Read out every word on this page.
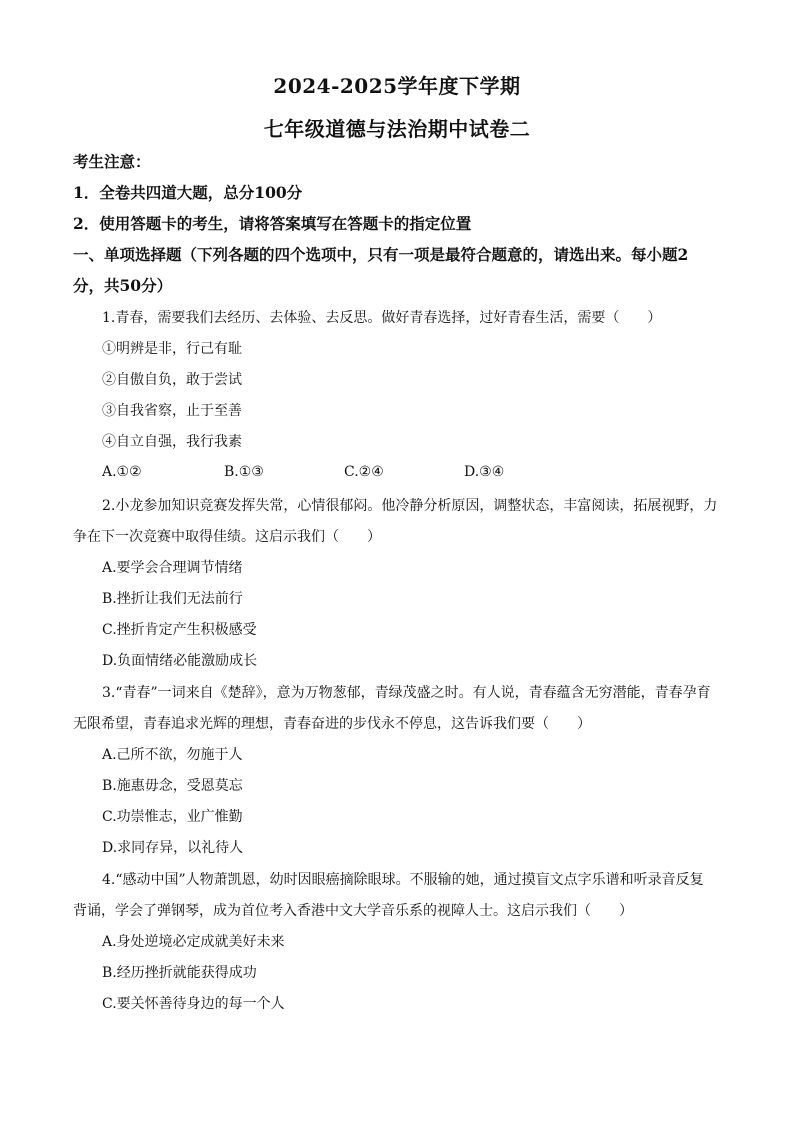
2024-2025学年度下学期
七年级道德与法治期中试卷二
考生注意：
1．全卷共四道大题，总分100分
2．使用答题卡的考生，请将答案填写在答题卡的指定位置
一、单项选择题（下列各题的四个选项中，只有一项是最符合题意的，请选出来。每小题2
分，共50分）
1.青春，需要我们去经历、去体验、去反思。做好青春选择，过好青春生活，需要（　　）
①明辨是非，行己有耻
②自傲自负，敢于尝试
③自我省察，止于至善
④自立自强，我行我素
A.①②	B.①③	C.②④	D.③④
2.小龙参加知识竞赛发挥失常，心情很郁闷。他冷静分析原因，调整状态，丰富阅读，拓展视野，力
争在下一次竞赛中取得佳绩。这启示我们（　　）
A.要学会合理调节情绪
B.挫折让我们无法前行
C.挫折肯定产生积极感受
D.负面情绪必能激励成长
3.“青春”一词来自《楚辞》，意为万物葱郁，青绿茂盛之时。有人说，青春蕴含无穷潜能，青春孕育
无限希望，青春追求光辉的理想，青春奋进的步伐永不停息，这告诉我们要（　　）
A.己所不欲，勿施于人
B.施惠毋念，受恩莫忘
C.功崇惟志，业广惟勤
D.求同存异，以礼待人
4.“感动中国”人物萧凯恩，幼时因眼癌摘除眼球。不服输的她，通过摸盲文点字乐谱和听录音反复
背诵，学会了弹钢琴，成为首位考入香港中文大学音乐系的视障人士。这启示我们（　　）
A.身处逆境必定成就美好未来
B.经历挫折就能获得成功
C.要关怀善待身边的每一个人
